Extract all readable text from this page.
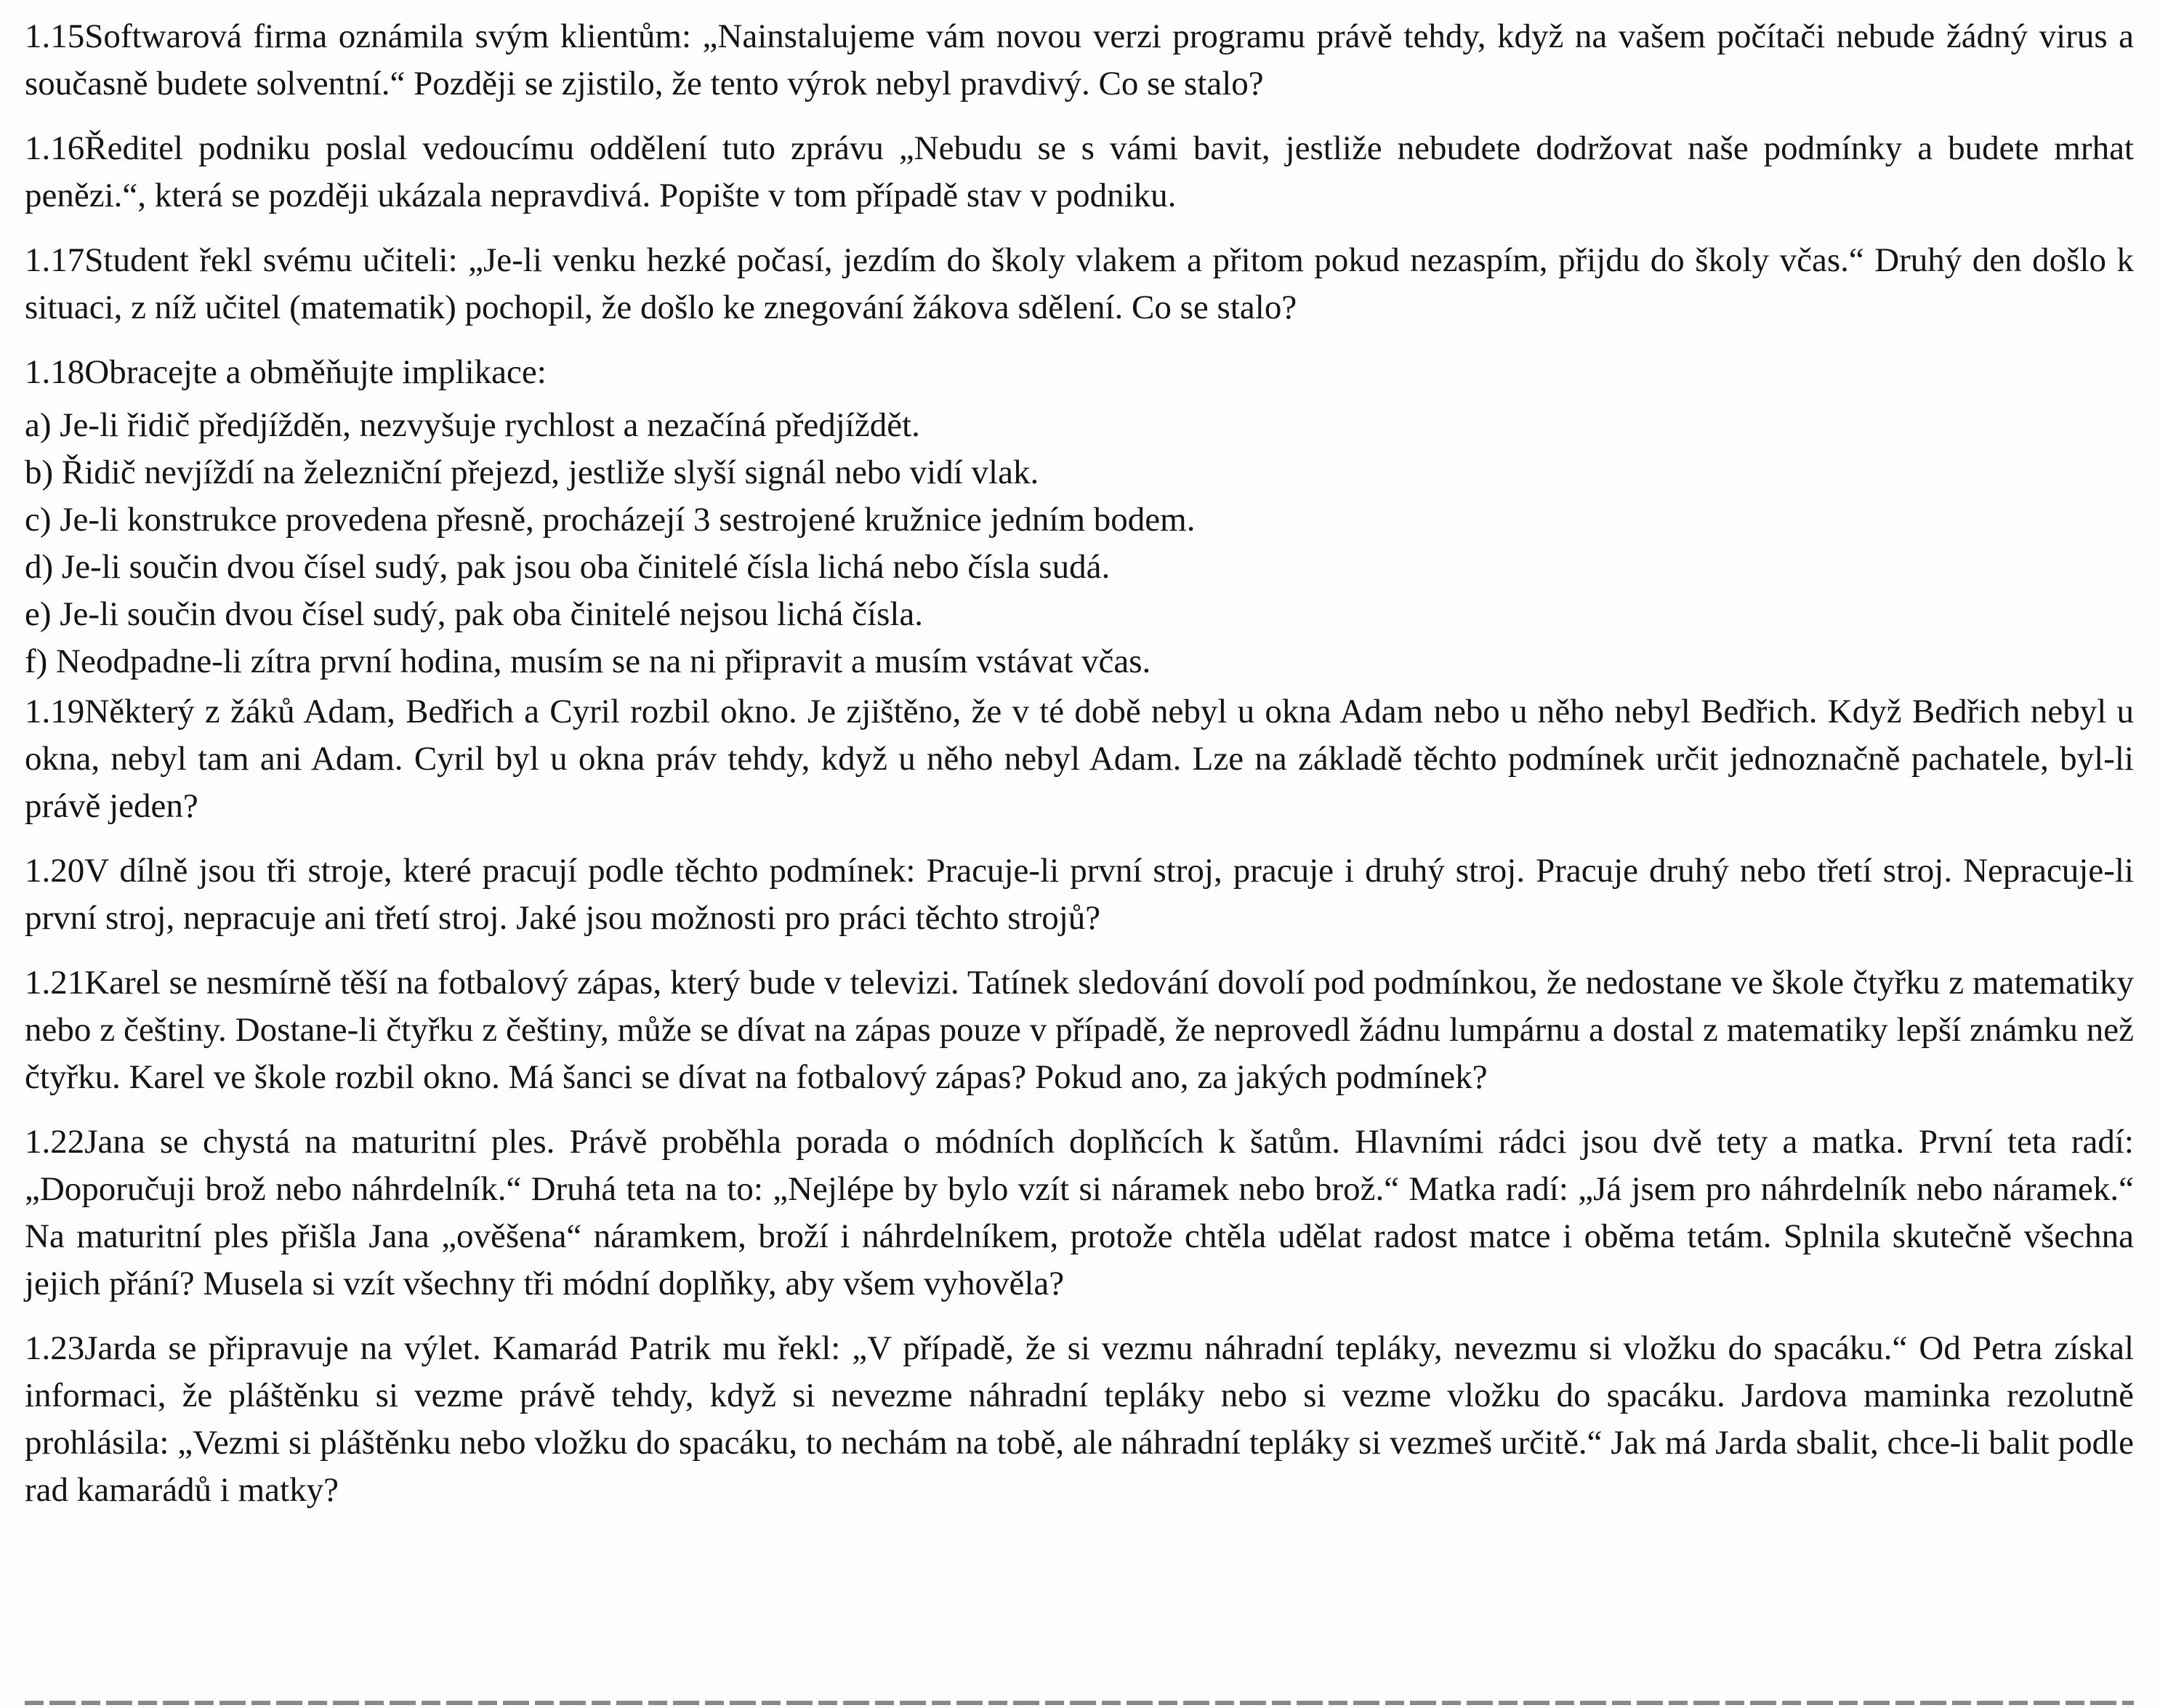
1.15Softwarová firma oznámila svým klientům: „Nainstalujeme vám novou verzi programu právě tehdy, když na vašem počítači nebude žádný virus a současně budete solventní.“ Později se zjistilo, že tento výrok nebyl pravdivý. Co se stalo?

1.16Ředitel podniku poslal vedoucímu oddělení tuto zprávu „Nebudu se s vámi bavit, jestliže nebudete dodržovat naše podmínky a budete mrhat penězi.“, která se později ukázala nepravdivá. Popište v tom případě stav v podniku.

1.17Student řekl svému učiteli: „Je-li venku hezké počasí, jezdím do školy vlakem a přitom pokud nezaspím, přijdu do školy včas.“ Druhý den došlo k situaci, z níž učitel (matematik) pochopil, že došlo ke znegování žákova sdělení. Co se stalo?

1.18Obracejte a obměňujte implikace:

a) Je-li řidič předjížděn, nezvyšuje rychlost a nezačíná předjíždět.

b) Řidič nevjíždí na železniční přejezd, jestliže slyší signál nebo vidí vlak.

c) Je-li konstrukce provedena přesně, procházejí 3 sestrojené kružnice jedním bodem.

d) Je-li součin dvou čísel sudý, pak jsou oba činitelé čísla lichá nebo čísla sudá.

e) Je-li součin dvou čísel sudý, pak oba činitelé nejsou lichá čísla.

f) Neodpadne-li zítra první hodina, musím se na ni připravit a musím vstávat včas.

1.19Některý z žáků Adam, Bedřich a Cyril rozbil okno. Je zjištěno, že v té době nebyl u okna Adam nebo u něho nebyl Bedřich. Když Bedřich nebyl u okna, nebyl tam ani Adam. Cyril byl u okna práv tehdy, když u něho nebyl Adam. Lze na základě těchto podmínek určit jednoznačně pachatele, byl-li právě jeden?

1.20V dílně jsou tři stroje, které pracují podle těchto podmínek: Pracuje-li první stroj, pracuje i druhý stroj. Pracuje druhý nebo třetí stroj. Nepracuje-li první stroj, nepracuje ani třetí stroj. Jaké jsou možnosti pro práci těchto strojů?

1.21Karel se nesmírně těší na fotbalový zápas, který bude v televizi. Tatínek sledování dovolí pod podmínkou, že nedostane ve škole čtyřku z matematiky nebo z češtiny. Dostane-li čtyřku z češtiny, může se dívat na zápas pouze v případě, že neprovedl žádnu lumpárnu a dostal z matematiky lepší známku než čtyřku. Karel ve škole rozbil okno. Má šanci se dívat na fotbalový zápas? Pokud ano, za jakých podmínek?

1.22Jana se chystá na maturitní ples. Právě proběhla porada o módních doplňcích k šatům. Hlavními rádci jsou dvě tety a matka. První teta radí: „Doporučuji brož nebo náhrdelník.“ Druhá teta na to: „Nejlépe by bylo vzít si náramek nebo brož.“ Matka radí: „Já jsem pro náhrdelník nebo náramek.“ Na maturitní ples přišla Jana „ověšena“ náramkem, broží i náhrdelníkem, protože chtěla udělat radost matce i oběma tetám. Splnila skutečně všechna jejich přání? Musela si vzít všechny tři módní doplňky, aby všem vyhověla?

1.23Jarda se připravuje na výlet. Kamarád Patrik mu řekl: „V případě, že si vezmu náhradní tepláky, nevezmu si vložku do spacáku.“ Od Petra získal informaci, že pláštěnku si vezme právě tehdy, když si nevezme náhradní tepláky nebo si vezme vložku do spacáku. Jardova maminka rezolutně prohlásila: „Vezmi si pláštěnku nebo vložku do spacáku, to nechám na tobě, ale náhradní tepláky si vezmeš určitě.“ Jak má Jarda sbalit, chce-li balit podle rad kamarádů i matky?
